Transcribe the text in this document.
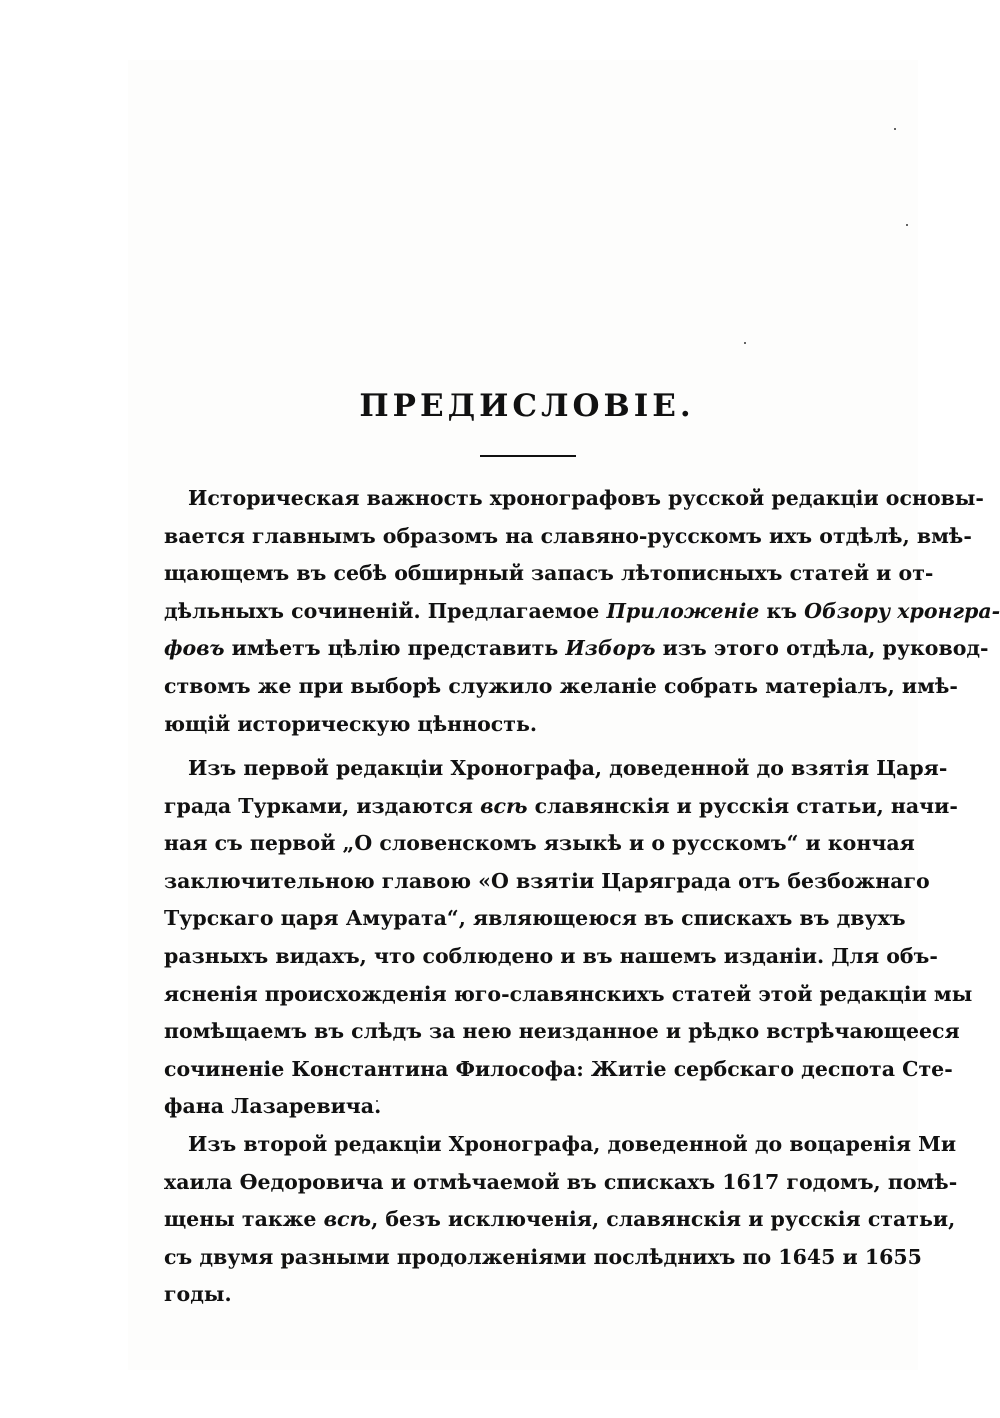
ПРЕДИСЛОВІЕ.
Историческая важность хронографовъ русской редакціи основы-
вается главнымъ образомъ на славяно-русскомъ ихъ отдѣлѣ, вмѣ-
щающемъ въ себѣ обширный запасъ лѣтописныхъ статей и от-
дѣльныхъ сочиненій. Предлагаемое Приложеніе къ Обзору хронгра-
фовъ имѣетъ цѣлію представить Изборъ изъ этого отдѣла, руковод-
ствомъ же при выборѣ служило желаніе собрать матеріалъ, имѣ-
ющій историческую цѣнность.
Изъ первой редакціи Хронографа, доведенной до взятія Царя-
града Турками, издаются всѣ славянскія и русскія статьи, начи-
ная съ первой „О словенскомъ языкѣ и о русскомъ“ и кончая
заключительною главою «О взятіи Царяграда отъ безбожнаго
Турскаго царя Амурата“, являющеюся въ спискахъ въ двухъ
разныхъ видахъ, что соблюдено и въ нашемъ изданіи. Для объ-
ясненія происхожденія юго-славянскихъ статей этой редакціи мы
помѣщаемъ въ слѣдъ за нею неизданное и рѣдко встрѣчающееся
сочиненіе Константина Философа: Житіе сербскаго деспота Сте-
фана Лазаревича.
Изъ второй редакціи Хронографа, доведенной до воцаренія Ми
хаила Ѳедоровича и отмѣчаемой въ спискахъ 1617 годомъ, помѣ-
щены также всѣ, безъ исключенія, славянскія и русскія статьи,
съ двумя разными продолженіями послѣднихъ по 1645 и 1655
годы.
